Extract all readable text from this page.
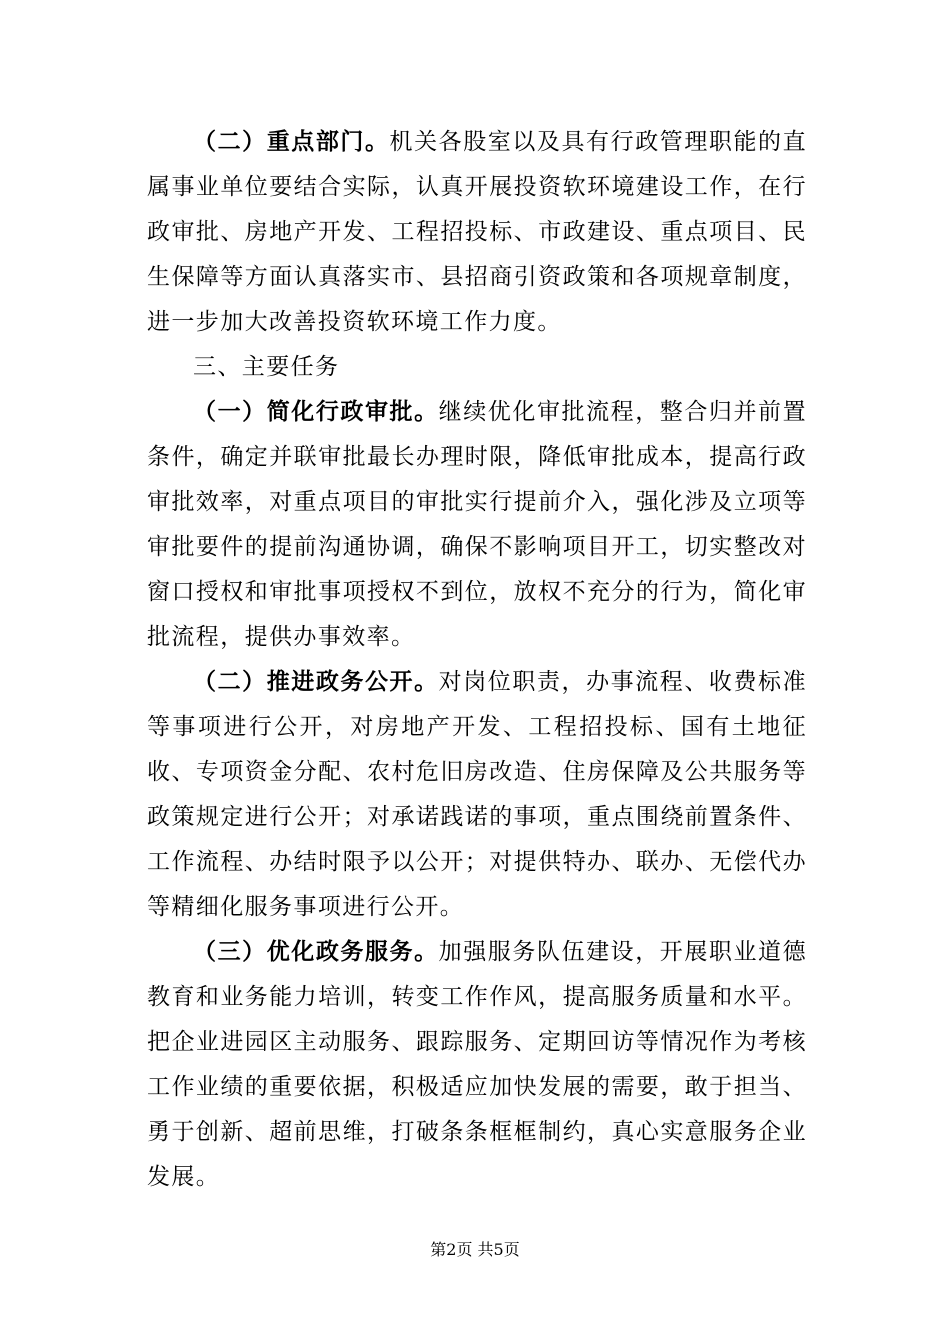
（二）重点部门。机关各股室以及具有行政管理职能的直属事业单位要结合实际，认真开展投资软环境建设工作，在行政审批、房地产开发、工程招投标、市政建设、重点项目、民生保障等方面认真落实市、县招商引资政策和各项规章制度，进一步加大改善投资软环境工作力度。

三、主要任务

（一）简化行政审批。继续优化审批流程，整合归并前置条件，确定并联审批最长办理时限，降低审批成本，提高行政审批效率，对重点项目的审批实行提前介入，强化涉及立项等审批要件的提前沟通协调，确保不影响项目开工，切实整改对窗口授权和审批事项授权不到位，放权不充分的行为，简化审批流程，提供办事效率。

（二）推进政务公开。对岗位职责，办事流程、收费标准等事项进行公开，对房地产开发、工程招投标、国有土地征收、专项资金分配、农村危旧房改造、住房保障及公共服务等政策规定进行公开；对承诺践诺的事项，重点围绕前置条件、工作流程、办结时限予以公开；对提供特办、联办、无偿代办等精细化服务事项进行公开。

（三）优化政务服务。加强服务队伍建设，开展职业道德教育和业务能力培训，转变工作作风，提高服务质量和水平。把企业进园区主动服务、跟踪服务、定期回访等情况作为考核工作业绩的重要依据，积极适应加快发展的需要，敢于担当、勇于创新、超前思维，打破条条框框制约，真心实意服务企业发展。

第2页 共5页
